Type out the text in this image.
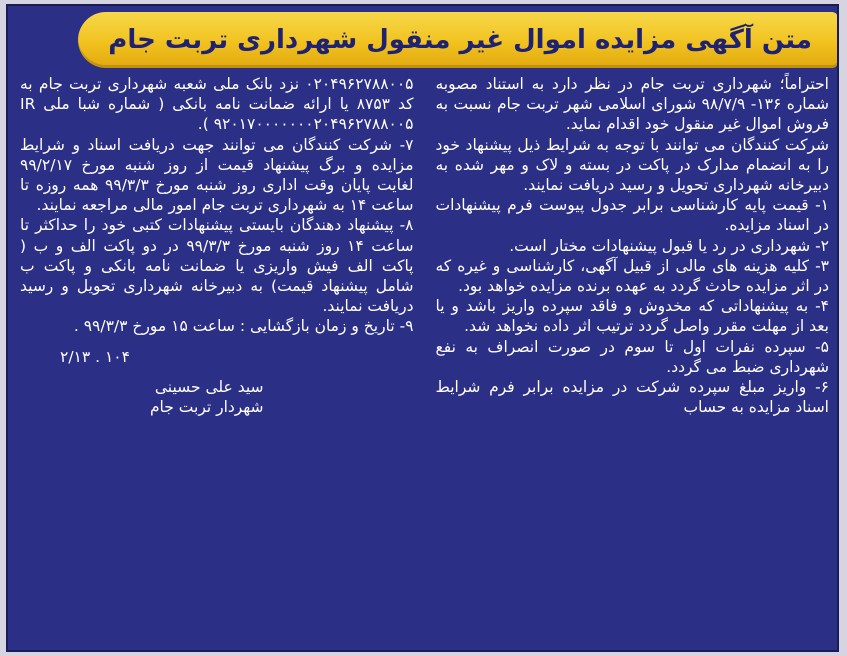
متن آگهی مزایده اموال غیر منقول شهرداری تربت جام

احتراماً؛ شهرداری تربت جام در نظر دارد به استناد مصوبه شماره ۱۳۶- ۹۸/۷/۹ شورای اسلامی شهر تربت جام نسبت به فروش اموال غیر منقول خود اقدام نماید.

شرکت کنندگان می توانند با توجه به شرایط ذیل پیشنهاد خود را به انضمام مدارک در پاکت در بسته و لاک و مهر شده به دبیرخانه شهرداری تحویل و رسید دریافت نمایند.

۱- قیمت پایه کارشناسی برابر جدول پیوست فرم پیشنهادات در اسناد مزایده.

۲- شهرداری در رد یا قبول پیشنهادات مختار است.

۳- کلیه هزینه های مالی از قبیل آگهی، کارشناسی و غیره که در اثر مزایده حادث گردد به عهده برنده مزایده خواهد بود.

۴- به پیشنهاداتی که مخدوش و فاقد سپرده واریز باشد و یا بعد از مهلت مقرر واصل گردد ترتیب اثر داده نخواهد شد.

۵- سپرده نفرات اول تا سوم در صورت انصراف به نفع شهرداری ضبط می گردد.

۶- واریز مبلغ سپرده شرکت در مزایده برابر فرم شرایط اسناد مزایده به حساب

۰۲۰۴۹۶۲۷۸۸۰۰۵ نزد بانک ملی شعبه شهرداری تربت جام به کد ۸۷۵۳ یا ارائه ضمانت نامه بانکی ( شماره شبا ملی IR ۹۲۰۱۷۰۰۰۰۰۰۰۲۰۴۹۶۲۷۸۸۰۰۵ ).

۷- شرکت کنندگان می توانند جهت دریافت اسناد و شرایط مزایده و برگ پیشنهاد قیمت از روز شنبه مورخ ۹۹/۲/۱۷ لغایت پایان وقت اداری روز شنبه مورخ ۹۹/۳/۳ همه روزه تا ساعت ۱۴ به شهرداری تربت جام امور مالی مراجعه نمایند.

۸- پیشنهاد دهندگان بایستی پیشنهادات کتبی خود را حداکثر تا ساعت ۱۴ روز شنبه مورخ ۹۹/۳/۳ در دو پاکت الف و ب ( پاکت الف فیش واریزی یا ضمانت نامه بانکی و پاکت ب شامل پیشنهاد قیمت) به دبیرخانه شهرداری تحویل و رسید دریافت نمایند.

۹- تاریخ و زمان بازگشایی : ساعت ۱۵ مورخ ۹۹/۳/۳ .

۲/۱۳ . ۱۰۴
سید علی حسینی
شهردار تربت جام
